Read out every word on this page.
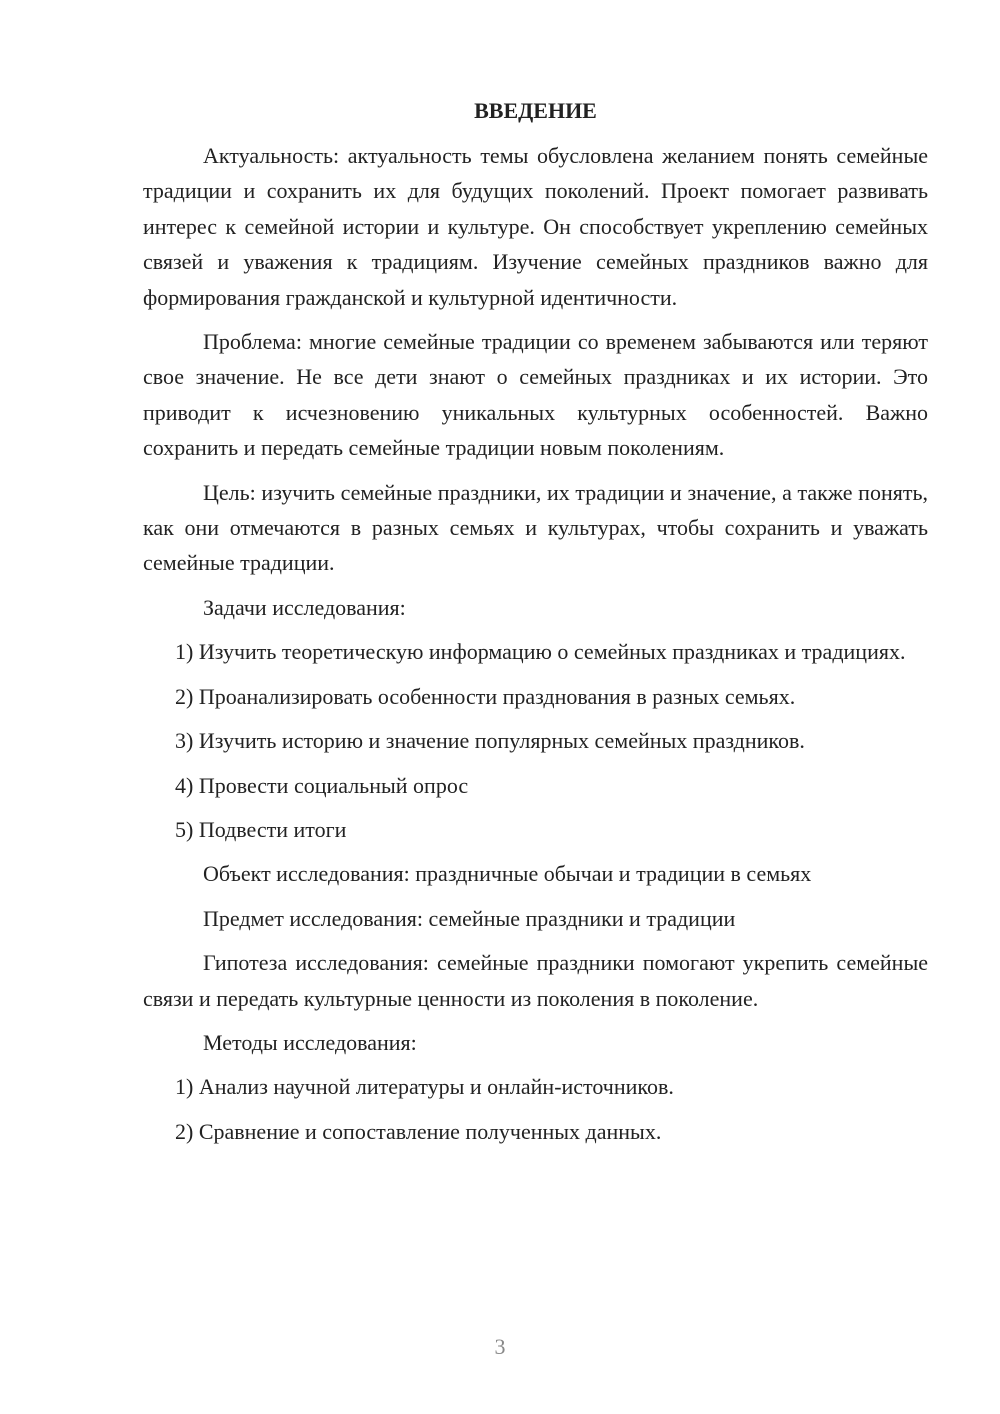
ВВЕДЕНИЕ

Актуальность: актуальность темы обусловлена желанием понять семейные традиции и сохранить их для будущих поколений. Проект помогает развивать интерес к семейной истории и культуре. Он способствует укреплению семейных связей и уважения к традициям. Изучение семейных праздников важно для формирования гражданской и культурной идентичности.

Проблема: многие семейные традиции со временем забываются или теряют свое значение. Не все дети знают о семейных праздниках и их истории. Это приводит к исчезновению уникальных культурных особенностей. Важно сохранить и передать семейные традиции новым поколениям.

Цель: изучить семейные праздники, их традиции и значение, а также понять, как они отмечаются в разных семьях и культурах, чтобы сохранить и уважать семейные традиции.

Задачи исследования:

1) Изучить теоретическую информацию о семейных праздниках и традициях.

2) Проанализировать особенности празднования в разных семьях.

3) Изучить историю и значение популярных семейных праздников.

4) Провести социальный опрос

5) Подвести итоги

Объект исследования: праздничные обычаи и традиции в семьях

Предмет исследования: семейные праздники и традиции

Гипотеза исследования: семейные праздники помогают укрепить семейные связи и передать культурные ценности из поколения в поколение.

Методы исследования:

1) Анализ научной литературы и онлайн-источников.

2) Сравнение и сопоставление полученных данных.

3
